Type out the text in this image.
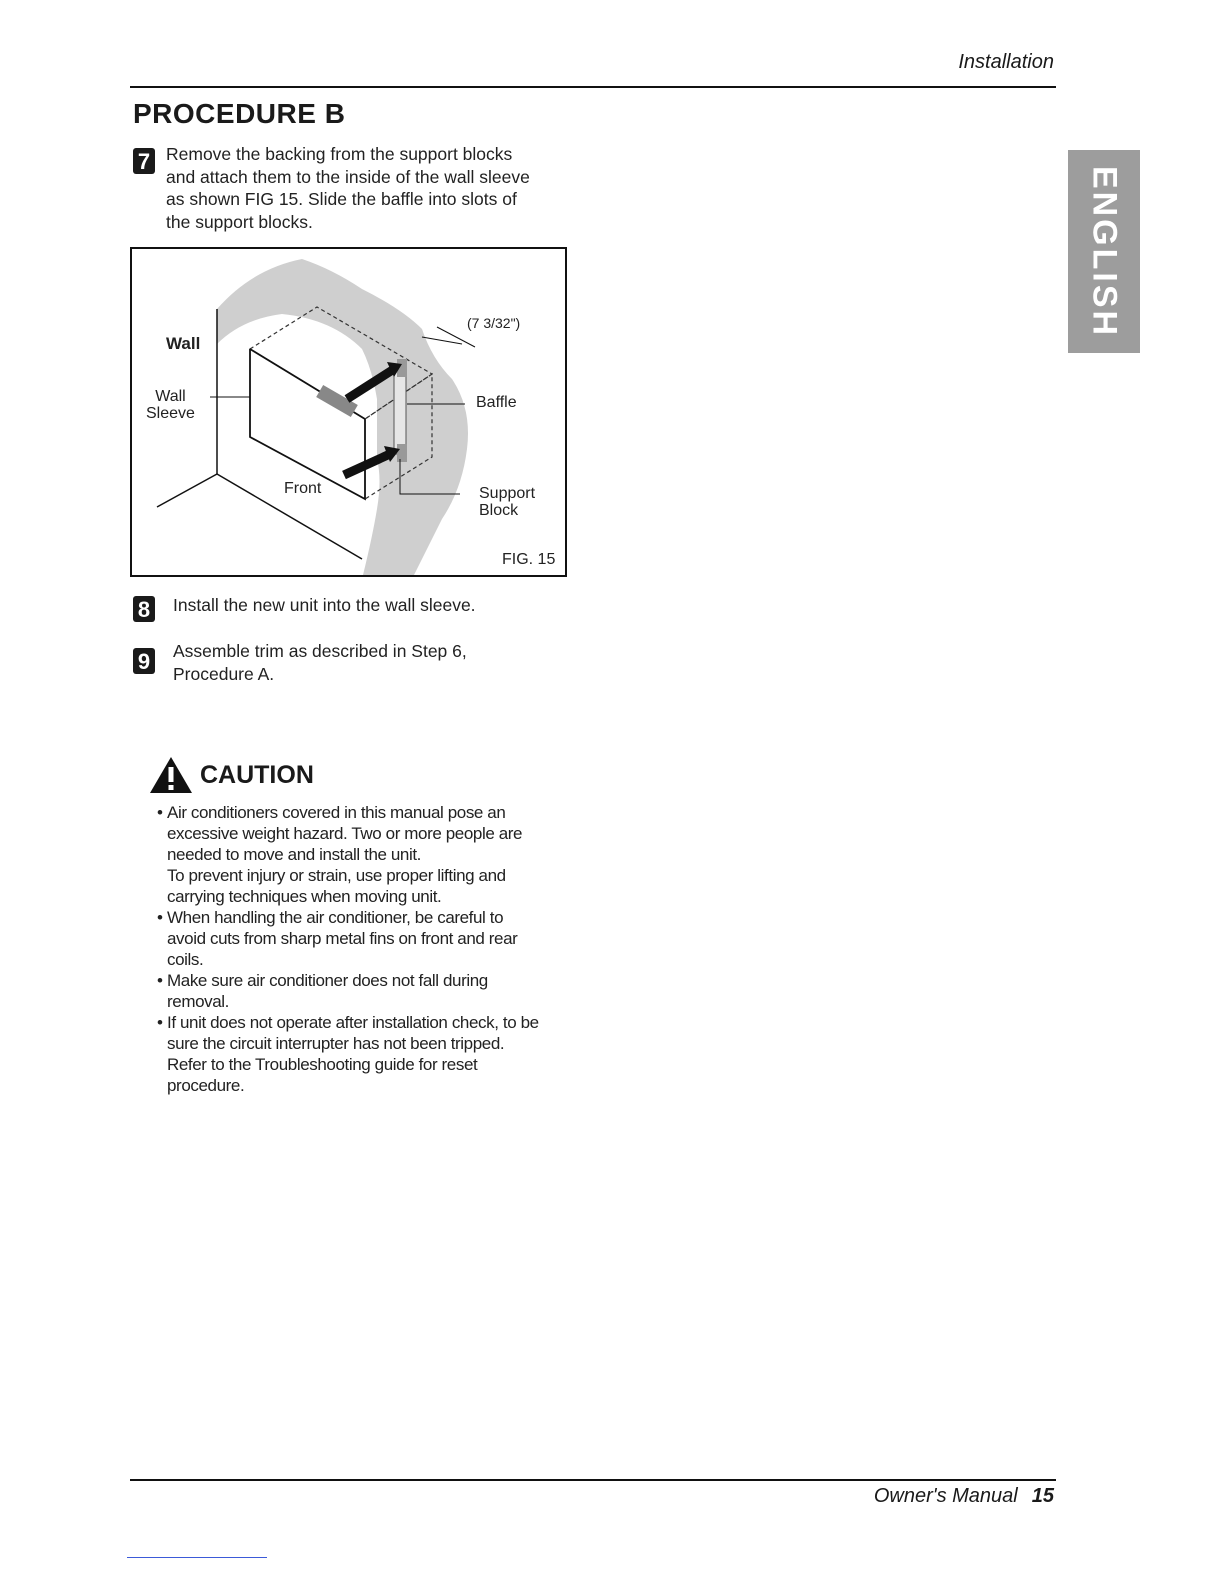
Installation
PROCEDURE B
7 Remove the backing from the support blocks
and attach them to the inside of the wall sleeve
as shown FIG 15. Slide the baffle into slots of
the support blocks.
Wall
Wall
Sleeve
Front
Baffle
Support
Block
(7 3/32")
FIG. 15
8 Install the new unit into the wall sleeve.
9 Assemble trim as described in Step 6,
Procedure A.
CAUTION
• Air conditioners covered in this manual pose an
excessive weight hazard. Two or more people are
needed to move and install the unit.
To prevent injury or strain, use proper lifting and
carrying techniques when moving unit.
• When handling the air conditioner, be careful to
avoid cuts from sharp metal fins on front and rear
coils.
• Make sure air conditioner does not fall during
removal.
• If unit does not operate after installation check, to be
sure the circuit interrupter has not been tripped.
Refer to the Troubleshooting guide for reset
procedure.
ENGLISH
Owner's Manual 15
